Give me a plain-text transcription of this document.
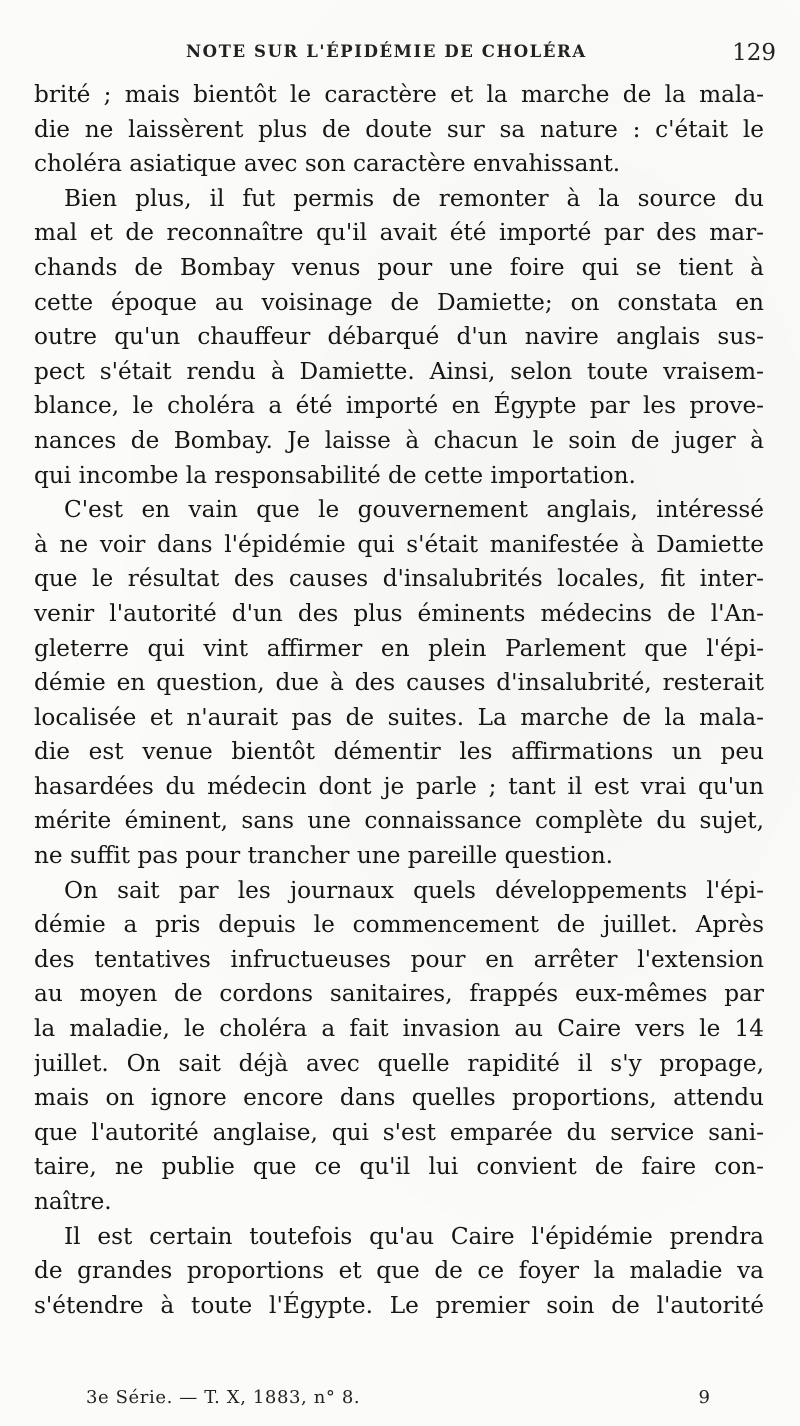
NOTE SUR L'ÉPIDÉMIE DE CHOLÉRA	129
brité ; mais bientôt le caractère et la marche de la mala-
die ne laissèrent plus de doute sur sa nature : c'était le
choléra asiatique avec son caractère envahissant.
Bien plus, il fut permis de remonter à la source du
mal et de reconnaître qu'il avait été importé par des mar-
chands de Bombay venus pour une foire qui se tient à
cette époque au voisinage de Damiette; on constata en
outre qu'un chauffeur débarqué d'un navire anglais sus-
pect s'était rendu à Damiette. Ainsi, selon toute vraisem-
blance, le choléra a été importé en Égypte par les prove-
nances de Bombay. Je laisse à chacun le soin de juger à
qui incombe la responsabilité de cette importation.
C'est en vain que le gouvernement anglais, intéressé
à ne voir dans l'épidémie qui s'était manifestée à Damiette
que le résultat des causes d'insalubrités locales, fit inter-
venir l'autorité d'un des plus éminents médecins de l'An-
gleterre qui vint affirmer en plein Parlement que l'épi-
démie en question, due à des causes d'insalubrité, resterait
localisée et n'aurait pas de suites. La marche de la mala-
die est venue bientôt démentir les affirmations un peu
hasardées du médecin dont je parle ; tant il est vrai qu'un
mérite éminent, sans une connaissance complète du sujet,
ne suffit pas pour trancher une pareille question.
On sait par les journaux quels développements l'épi-
démie a pris depuis le commencement de juillet. Après
des tentatives infructueuses pour en arrêter l'extension
au moyen de cordons sanitaires, frappés eux-mêmes par
la maladie, le choléra a fait invasion au Caire vers le 14
juillet. On sait déjà avec quelle rapidité il s'y propage,
mais on ignore encore dans quelles proportions, attendu
que l'autorité anglaise, qui s'est emparée du service sani-
taire, ne publie que ce qu'il lui convient de faire con-
naître.
Il est certain toutefois qu'au Caire l'épidémie prendra
de grandes proportions et que de ce foyer la maladie va
s'étendre à toute l'Égypte. Le premier soin de l'autorité
3e Série. — T. X, 1883, n° 8.	9
